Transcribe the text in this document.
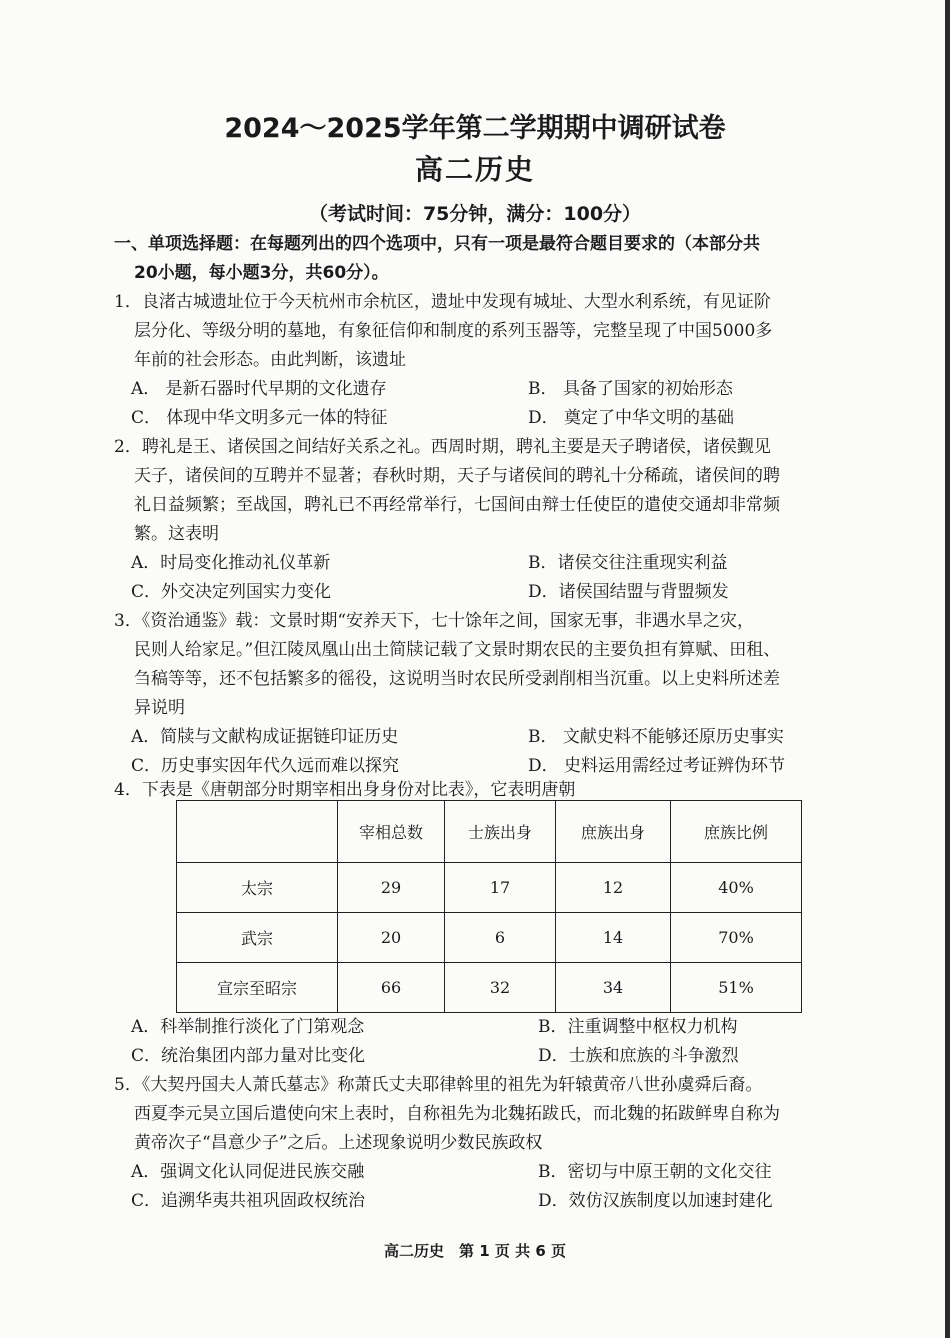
2024～2025学年第二学期期中调研试卷
高二历史
（考试时间：75分钟，满分：100分）
一、单项选择题：在每题列出的四个选项中，只有一项是最符合题目要求的（本部分共
20小题，每小题3分，共60分）。
1．良渚古城遗址位于今天杭州市余杭区，遗址中发现有城址、大型水利系统，有见证阶
层分化、等级分明的墓地，有象征信仰和制度的系列玉器等，完整呈现了中国5000多
年前的社会形态。由此判断，该遗址
A． 是新石器时代早期的文化遗存	B． 具备了国家的初始形态
C． 体现中华文明多元一体的特征	D． 奠定了中华文明的基础
2．聘礼是王、诸侯国之间结好关系之礼。西周时期，聘礼主要是天子聘诸侯，诸侯觐见
天子，诸侯间的互聘并不显著；春秋时期，天子与诸侯间的聘礼十分稀疏，诸侯间的聘
礼日益频繁；至战国，聘礼已不再经常举行，七国间由辩士任使臣的遣使交通却非常频
繁。这表明
A．时局变化推动礼仪革新	B．诸侯交往注重现实利益
C．外交决定列国实力变化	D．诸侯国结盟与背盟频发
3．《资治通鉴》载：文景时期“安养天下，七十馀年之间，国家无事，非遇水旱之灾，
民则人给家足。”但江陵凤凰山出土简牍记载了文景时期农民的主要负担有算赋、田租、
刍稿等等，还不包括繁多的徭役，这说明当时农民所受剥削相当沉重。以上史料所述差
异说明
A．简牍与文献构成证据链印证历史	B． 文献史料不能够还原历史事实
C．历史事实因年代久远而难以探究	D． 史料运用需经过考证辨伪环节
4．下表是《唐朝部分时期宰相出身身份对比表》，它表明唐朝
	宰相总数	士族出身	庶族出身	庶族比例
太宗	29	17	12	40%
武宗	20	6	14	70%
宣宗至昭宗	66	32	34	51%
A．科举制推行淡化了门第观念	B．注重调整中枢权力机构
C．统治集团内部力量对比变化	D．士族和庶族的斗争激烈
5．《大契丹国夫人萧氏墓志》称萧氏丈夫耶律斡里的祖先为轩辕黄帝八世孙虞舜后裔。
西夏李元昊立国后遣使向宋上表时，自称祖先为北魏拓跋氏，而北魏的拓跋鲜卑自称为
黄帝次子“昌意少子”之后。上述现象说明少数民族政权
A．强调文化认同促进民族交融	B．密切与中原王朝的文化交往
C．追溯华夷共祖巩固政权统治	D．效仿汉族制度以加速封建化
高二历史　第 1 页 共 6 页
